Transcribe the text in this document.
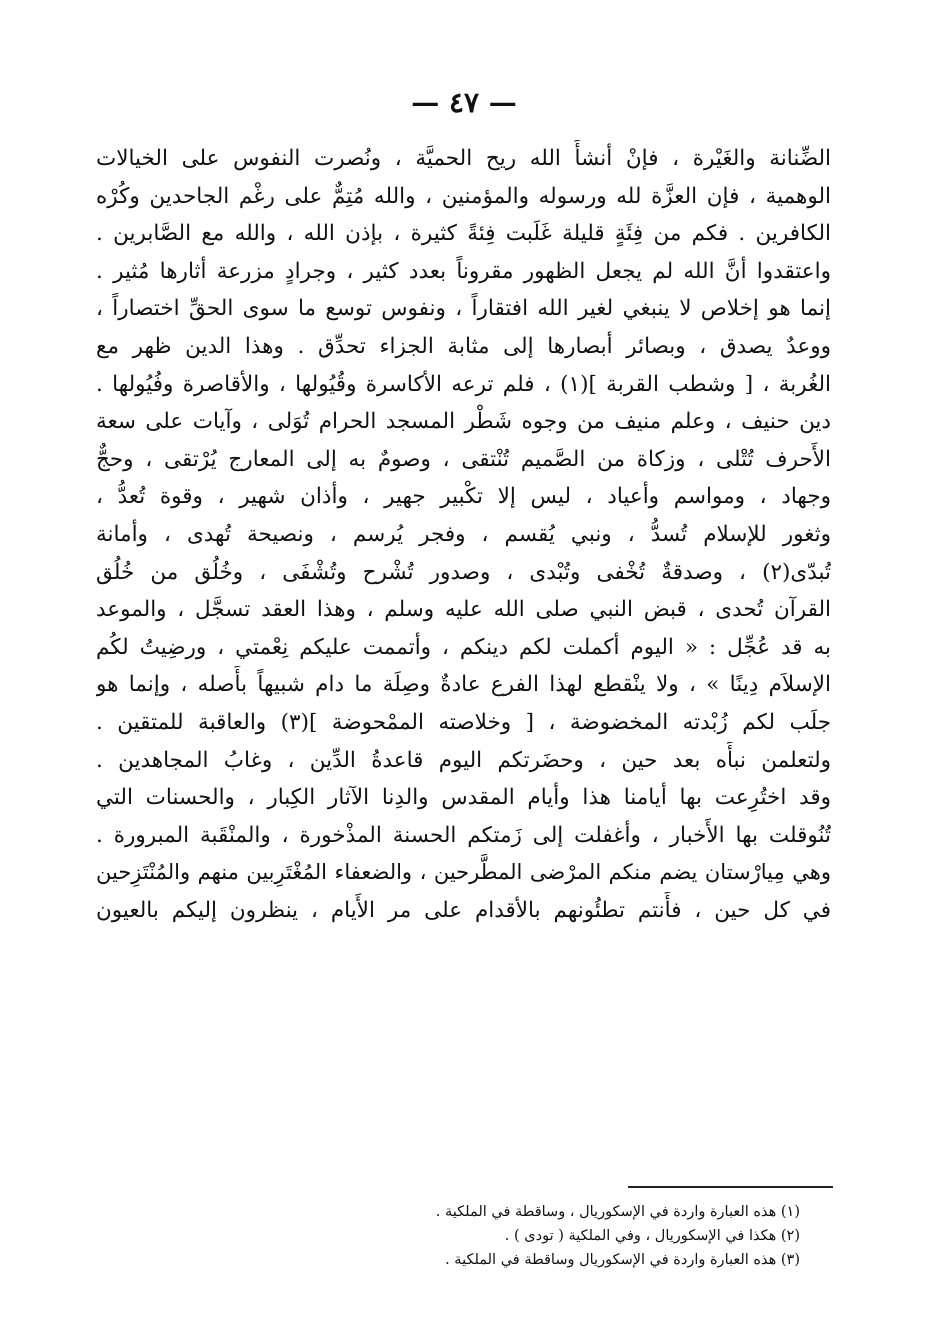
— ٤٧ —
الضِّنانة والغَيْرة ، فإنْ أنشأَ الله ريح الحميَّة ، ونُصرت النفوس على الخيالات
الوهمية ، فإن العزَّة لله ورسوله والمؤمنين ، والله مُتِمٌّ على رغْم الجاحدين وكُرْه
الكافرين . فكم من فِئَةٍ قليلة غَلَبت فِئةً كثيرة ، بإذن الله ، والله مع الصَّابرين .
واعتقدوا أنَّ الله لم يجعل الظهور مقروناً بعدد كثير ، وجرادٍ مزرعة أثارها مُثير .
إنما هو إخلاص لا ينبغي لغير الله افتقاراً ، ونفوس توسع ما سوى الحقِّ اختصاراً ،
ووعدٌ يصدق ، وبصائر أبصارها إلى مثابة الجزاء تحدِّق . وهذا الدين ظهر مع
الغُربة ، [ وشطب القربة ](١) ، فلم ترعه الأكاسرة وقُيُولها ، والأقاصرة وفُيُولها .
دين حنيف ، وعلم منيف من وجوه شَطْر المسجد الحرام تُوَلى ، وآيات على سعة
الأَحرف تُتْلى ، وزكاة من الصَّميم تُنْتقى ، وصومٌ به إلى المعارج يُرْتقى ، وحجٌّ
وجهاد ، ومواسم وأعياد ، ليس إلا تكْبير جهير ، وأذان شهير ، وقوة تُعدُّ ،
وثغور للإسلام تُسدُّ ، ونبي يُقسم ، وفجر يُرسم ، ونصيحة تُهدى ، وأمانة
تُبدّى(٢) ، وصدقةٌ تُخْفى وتُبْدى ، وصدور تُشْرح وتُشْفَى ، وخُلُق من خُلُق
القرآن تُحدى ، قبض النبي صلى الله عليه وسلم ، وهذا العقد تسجَّل ، والموعد
به قد عُجِّل : « اليوم أكملت لكم دينكم ، وأتممت عليكم نِعْمتي ، ورضِيتُ لكُم
الإسلاَم دِينًا » ، ولا ينْقطع لهذا الفرع عادةٌ وصِلَة ما دام شبيهاً بأَصله ، وإنما هو
جلَب لكم زُبْدته المخضوضة ، [ وخلاصته الممْحوضة ](٣) والعاقبة للمتقين .
ولتعلمن نبأَه بعد حين ، وحضَرتكم اليوم قاعدةُ الدِّين ، وغابُ المجاهدين .
وقد اختُرِعت بها أيامنا هذا وأيام المقدس والدِنا الآثار الكِبار ، والحسنات التي
تُنُوقلت بها الأَخبار ، وأغفلت إلى زَمتكم الحسنة المذْخورة ، والمنْقَبة المبرورة .
وهي مِيارْستان يضم منكم المرْضى المطَّرحين ، والضعفاء المُغْتَرِبين منهم والمُنْتَزِحين
في كل حين ، فأَنتم تطئُونهم بالأقدام على مر الأَيام ، ينظرون إليكم بالعيون
(١) هذه العبارة واردة في الإسكوريال ، وساقطة في الملكية .
(٢) هكذا في الإسكوريال ، وفي الملكية ( تودى ) .
(٣) هذه العبارة واردة في الإسكوريال وساقطة في الملكية .
